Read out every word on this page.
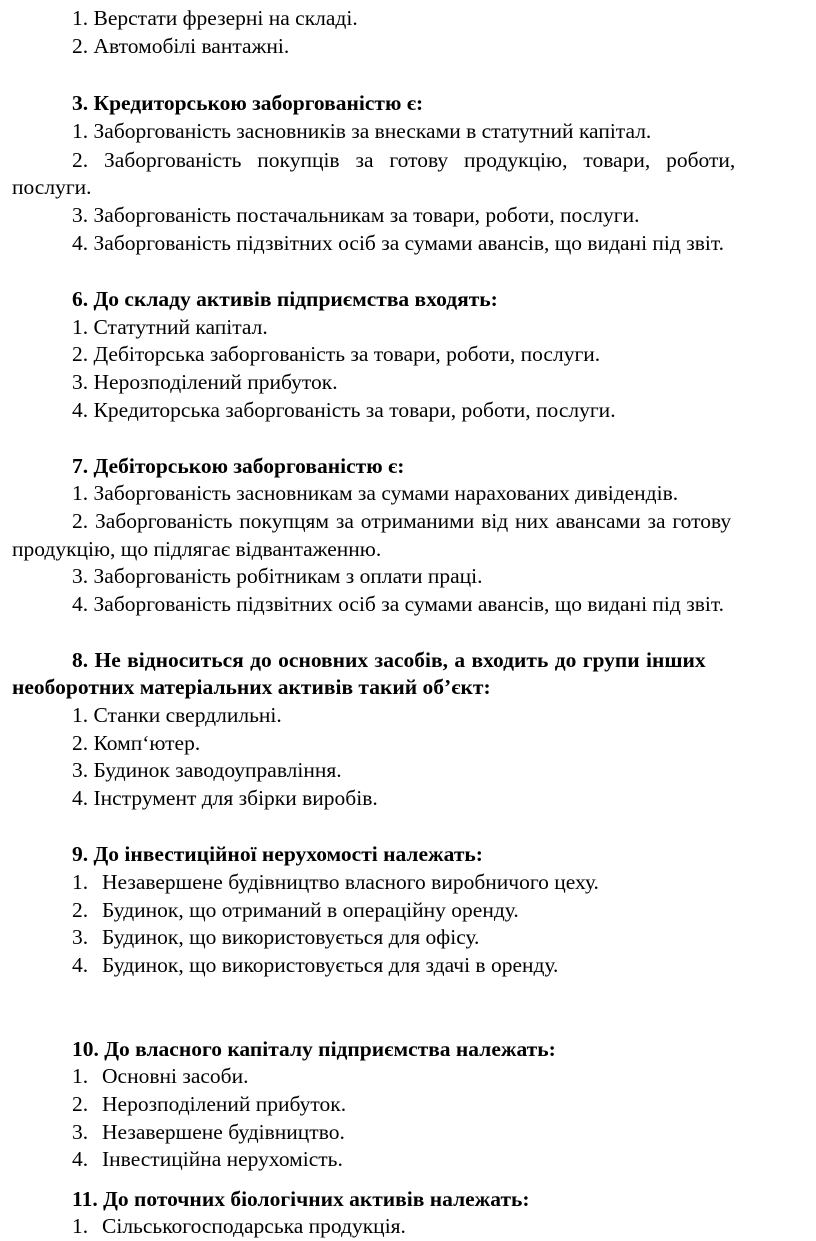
1. Верстати фрезерні на складі.
2. Автомобілі вантажні.
3. Кредиторською заборгованістю є:
1. Заборгованість засновників за внесками в статутний капітал.
2. Заборгованість покупців за готову продукцію, товари, роботи,
послуги.
3. Заборгованість постачальникам за товари, роботи, послуги.
4. Заборгованість підзвітних осіб за сумами авансів, що видані під звіт.
6. До складу активів підприємства входять:
1. Статутний капітал.
2. Дебіторська заборгованість за товари, роботи, послуги.
3. Нерозподілений прибуток.
4. Кредиторська заборгованість за товари, роботи, послуги.
7. Дебіторською заборгованістю є:
1. Заборгованість засновникам за сумами нарахованих дивідендів.
2. Заборгованість покупцям за отриманими від них авансами за готову
продукцію, що підлягає відвантаженню.
3. Заборгованість робітникам з оплати праці.
4. Заборгованість підзвітних осіб за сумами авансів, що видані під звіт.
8. Не відноситься до основних засобів, а входить до групи інших
необоротних матеріальних активів такий об’єкт:
1. Станки свердлильні.
2. Комп‘ютер.
3. Будинок заводоуправління.
4. Інструмент для збірки виробів.
9. До інвестиційної нерухомості належать:
1. Незавершене будівництво власного виробничого цеху.
2. Будинок, що отриманий в операційну оренду.
3. Будинок, що використовується для офісу.
4. Будинок, що використовується для здачі в оренду.
10. До власного капіталу підприємства належать:
1. Основні засоби.
2. Нерозподілений прибуток.
3. Незавершене будівництво.
4. Інвестиційна нерухомість.
11. До поточних біологічних активів належать:
1. Сільськогосподарська продукція.
